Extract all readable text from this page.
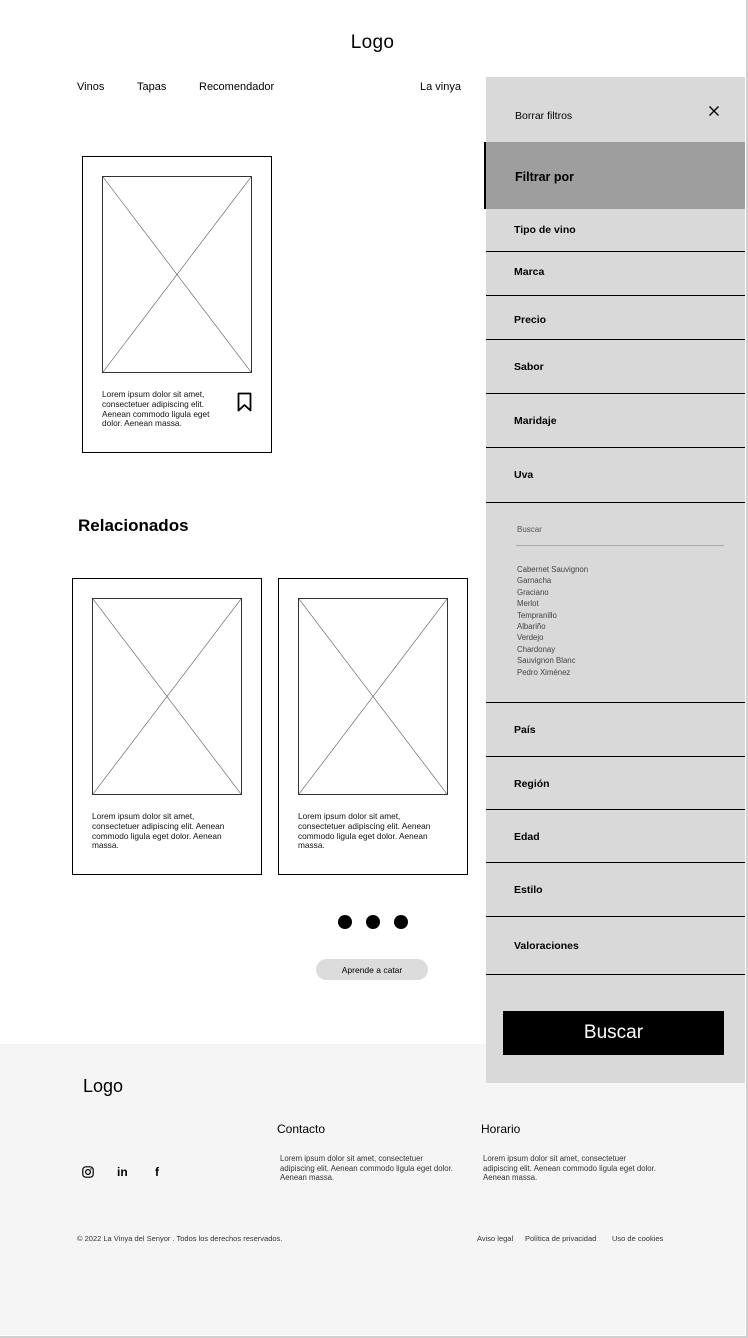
Logo
Vinos	Tapas	Recomendador	La vinya
Lorem ipsum dolor sit amet, consectetuer adipiscing elit. Aenean commodo ligula eget dolor. Aenean massa.
Relacionados
Lorem ipsum dolor sit amet, consectetuer adipiscing elit. Aenean commodo ligula eget dolor. Aenean massa.
Lorem ipsum dolor sit amet, consectetuer adipiscing elit. Aenean commodo ligula eget dolor. Aenean massa.
Aprende a catar
Logo
Contacto
Lorem ipsum dolor sit amet, consectetuer adipiscing elit. Aenean commodo ligula eget dolor. Aenean massa.
Horario
Lorem ipsum dolor sit amet, consectetuer adipiscing elit. Aenean commodo ligula eget dolor. Aenean massa.
in f
© 2022 La Vinya del Senyor . Todos los derechos reservados.	Aviso legal Política de privacidad Uso de cookies
Borrar filtros
Filtrar por
Tipo de vino
Marca
Precio
Sabor
Maridaje
Uva
Buscar
Cabernet Sauvignon
Garnacha
Graciano
Merlot
Tempranillo
Albariño
Verdejo
Chardonay
Sauvignon Blanc
Pedro Ximénez
País
Región
Edad
Estilo
Valoraciones
Buscar
